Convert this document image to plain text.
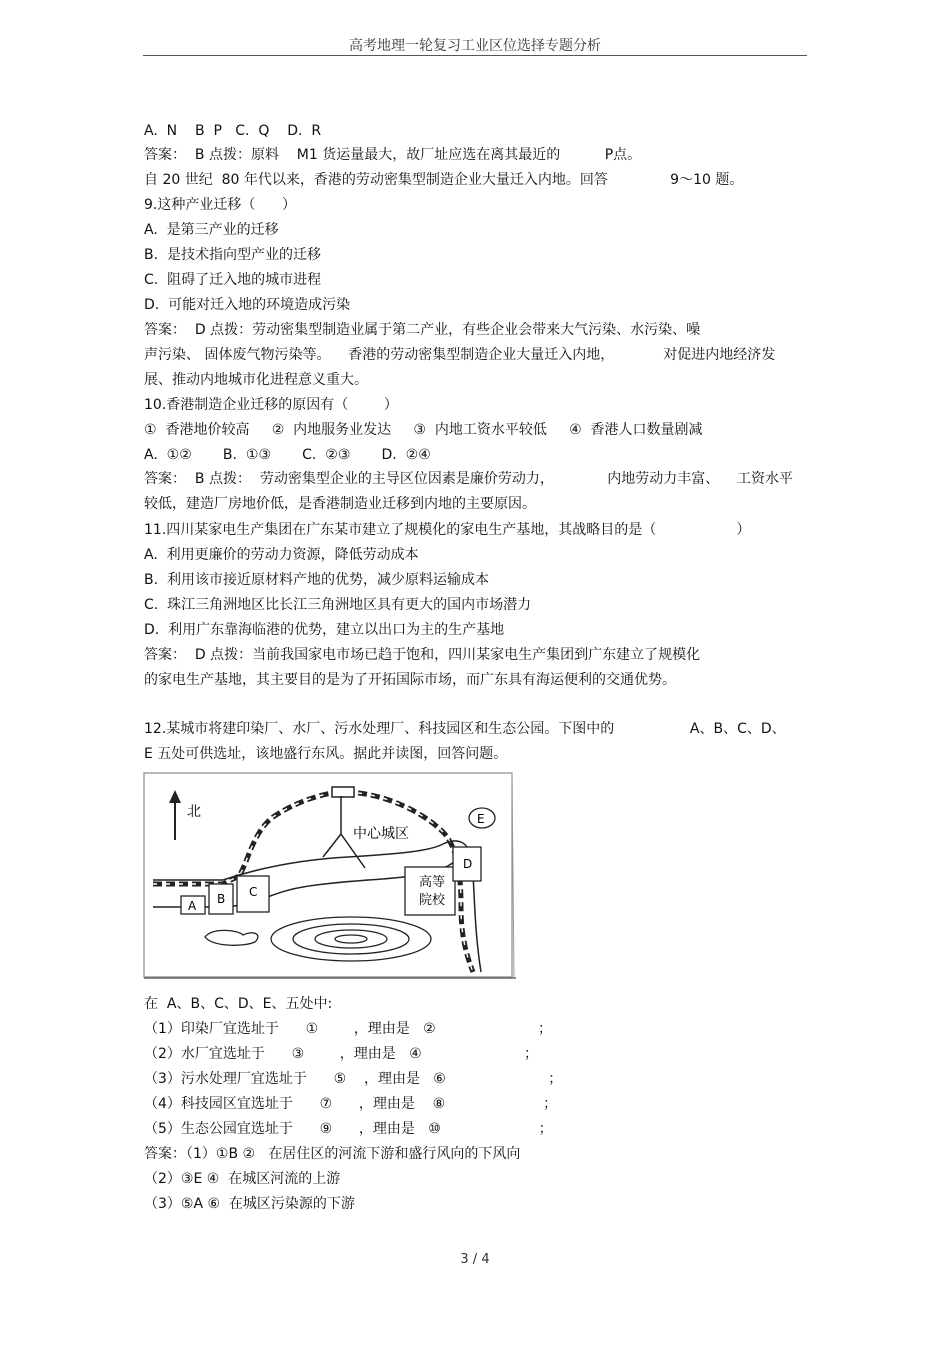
高考地理一轮复习工业区位选择专题分析
A.  N    B  P   C.  Q    D.  R
答案：  B 点拨：原料    M1 货运量最大，故厂址应选在离其最近的          P点。
自 20 世纪  80 年代以来，香港的劳动密集型制造企业大量迁入内地。回答              9～10 题。
9.这种产业迁移（      ）
A.  是第三产业的迁移
B.  是技术指向型产业的迁移
C.  阻碍了迁入地的城市进程
D.  可能对迁入地的环境造成污染
答案：  D 点拨：劳动密集型制造业属于第二产业，有些企业会带来大气污染、水污染、噪
声污染、 固体废气物污染等。    香港的劳动密集型制造企业大量迁入内地，           对促进内地经济发
展、推动内地城市化进程意义重大。
10.香港制造企业迁移的原因有（        ）
①  香港地价较高     ②  内地服务业发达     ③  内地工资水平较低     ④  香港人口数量剧减
A.  ①②       B.  ①③       C.  ②③       D.  ②④
答案：  B 点拨：  劳动密集型企业的主导区位因素是廉价劳动力，            内地劳动力丰富、    工资水平
较低，建造厂房地价低，是香港制造业迁移到内地的主要原因。
11.四川某家电生产集团在广东某市建立了规模化的家电生产基地，其战略目的是（                  ）
A.  利用更廉价的劳动力资源，降低劳动成本
B.  利用该市接近原材料产地的优势，减少原料运输成本
C.  珠江三角洲地区比长江三角洲地区具有更大的国内市场潜力
D.  利用广东靠海临港的优势，建立以出口为主的生产基地
答案：  D 点拨：当前我国家电市场已趋于饱和，四川某家电生产集团到广东建立了规模化
的家电生产基地，其主要目的是为了开拓国际市场，而广东具有海运便利的交通优势。
12.某城市将建印染厂、水厂、污水处理厂、科技园区和生态公园。下图中的                 A、B、C、D、
E 五处可供选址，该地盛行东风。据此并读图，回答问题。
北
中心城区
高等
院校
A B C
D
E
在  A、B、C、D、E、五处中:
（1）印染厂宜选址于      ①        ，理由是   ②                       ；
（2）水厂宜选址于      ③        ，理由是   ④                       ；
（3）污水处理厂宜选址于      ⑤    ，理由是   ⑥                       ；
（4）科技园区宜选址于      ⑦      ，理由是    ⑧                      ；
（5）生态公园宜选址于      ⑨      ，理由是   ⑩                      ；
答案：（1）①B ②   在居住区的河流下游和盛行风向的下风向
（2）③E ④  在城区河流的上游
（3）⑤A ⑥  在城区污染源的下游
3 / 4
